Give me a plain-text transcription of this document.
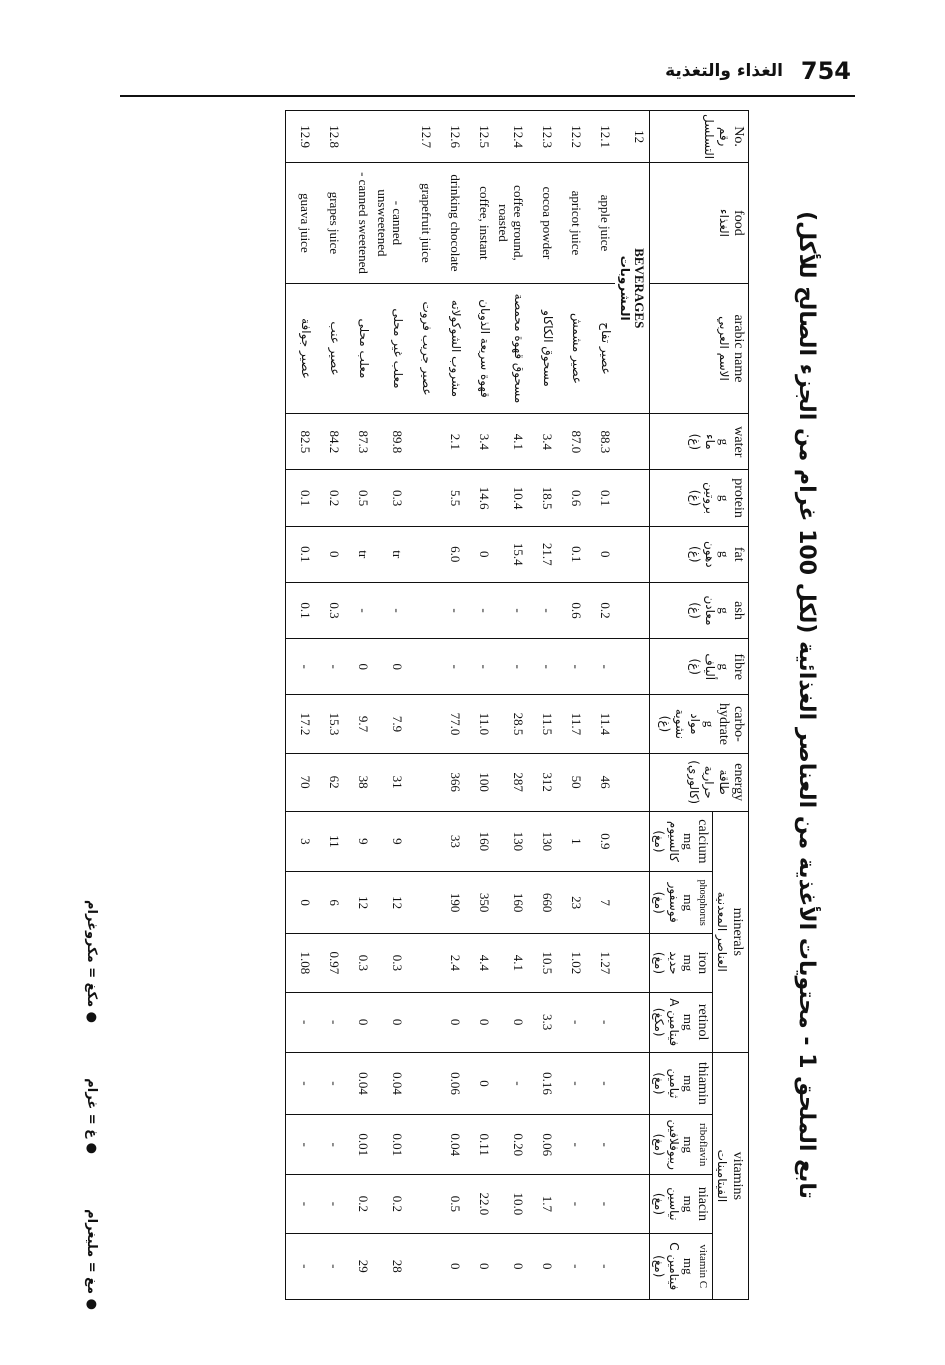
الغذاء والتغذية 754
تابع الملحق 1 - محتويات الأغذية من العناصر الغذائية (لكل 100 غرام من الجزء الصالح للأكل)
No.
رقم
التسلسل	food
الغذاء	arabic name
الاسم العربي	water
g
ماء
(غ)	protein
g
بروتين
(غ)	fat
g
دهون
(غ)	ash
g
معادن
(غ)	fibre
g
ألياف
(غ)	carbo-hydrate
g
مواد نشوية
(غ)	energy
طاقة حرارية
(كالوري)	minerals
العناصر المعدنية				vitamins
الفيتامينات			

										calcium
mg
كالسيوم
(مغ)	phosphorus
mg
فوسفور
(مغ)	iron
mg
حديد
(مغ)	retinol
mg
فيتامين A
(مكغ)	thiamin
mg
ثيامين
(مغ)	riboflavin
mg
ريبوفلافين
(مغ)	niacin
mg
نياسين
(مغ)	vitamin C
mg
فيتامين C
(مغ)

12	BEVERAGES
المشروبات																

12.1	apple juice	عصير تفاح	88.3	0.1	0	0.2	-	11.4	46	0.9	7	1.27	-	-	-	-	-
12.2	apricot juice	عصير مشمش	87.0	0.6	0.1	0.6	-	11.7	50	1	23	1.02	-	-	-	-	-
12.3	cocoa powder	مسحوق الكاكاو	3.4	18.5	21.7	-	-	11.5	312	130	660	10.5	3.3	0.16	0.06	1.7	0
12.4	coffee ground, roasted	مسحوق قهوة محمصة	4.1	10.4	15.4	-	-	28.5	287	130	160	4.1	0	-	0.20	10.0	0
12.5	coffee, instant	قهوة سريعة الذوبان	3.4	14.6	0	-	-	11.0	100	160	350	4.4	0	0	0.11	22.0	0
12.6	drinking chocolate	مشروب الشوكولاته	2.1	5.5	6.0	-	-	77.0	366	33	190	2.4	0	0.06	0.04	0.5	0
12.7	grapefruit juice	عصير جريب فروت															
	- canned unsweetened	معلب غير محلى	89.8	0.3	tr	-	0	7.9	31	9	12	0.3	0	0.04	0.01	0.2	28
	- canned sweetened	معلب محلى	87.3	0.5	tr	-	0	9.7	38	9	12	0.3	0	0.04	0.01	0.2	29
12.8	grapes juice	عصير عنب	84.2	0.2	0	0.3	-	15.3	62	11	6	0.97	-	-	-	-	-
12.9	guava juice	عصير جوافة	82.5	0.1	0.1	0.1	-	17.2	70	3	0	1.08	-	-	-	-	-
● مكغ = مكروغرام
● غ = غرام
● مغ = مليغرام
